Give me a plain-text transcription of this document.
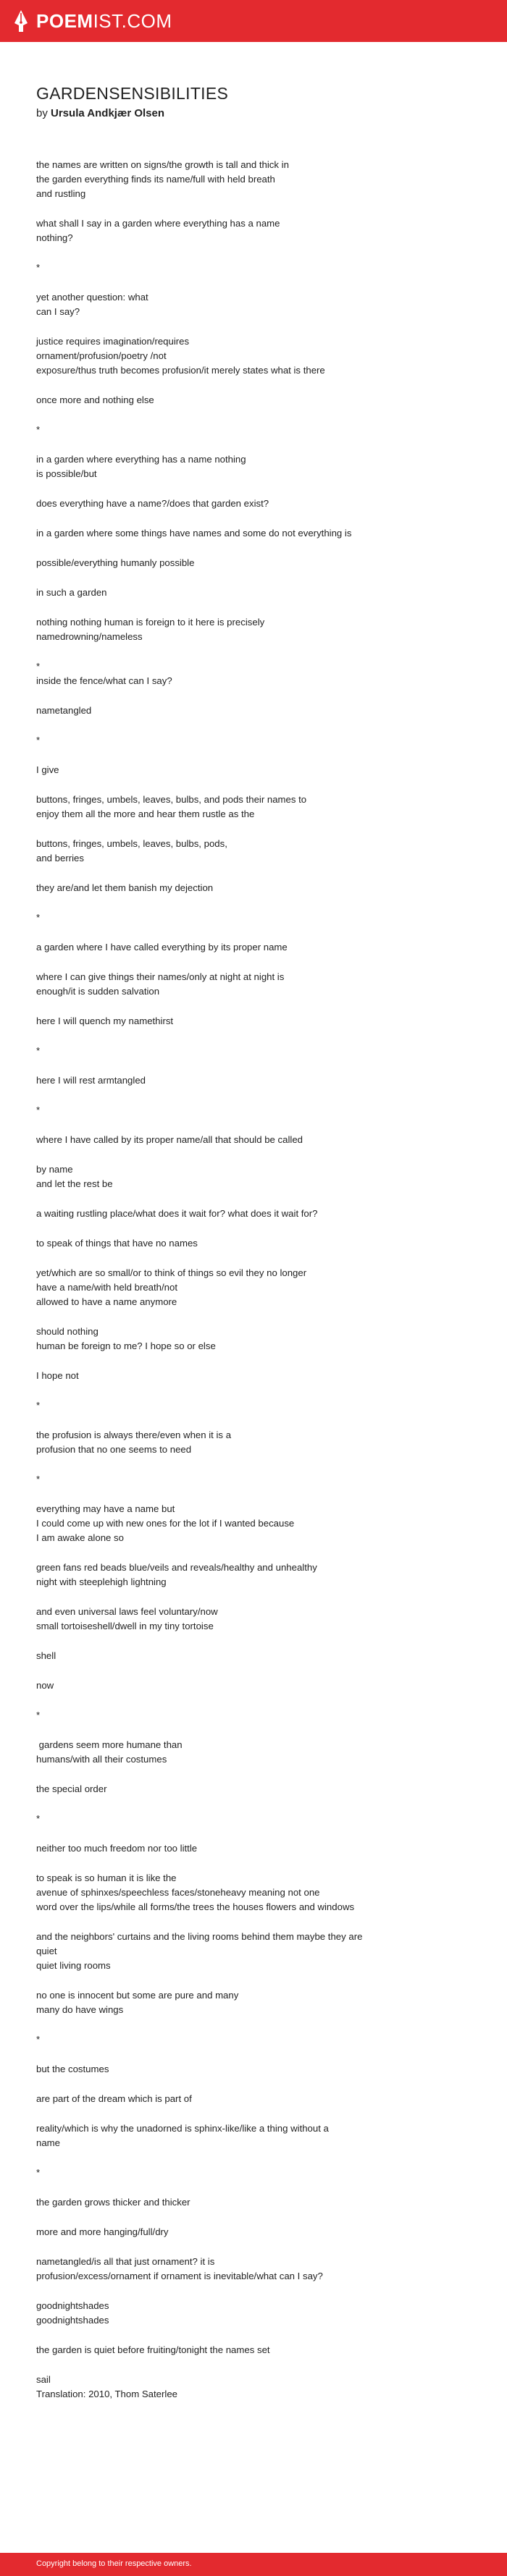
POEMIST.COM
GARDENSENSIBILITIES
by Ursula Andkjær Olsen

the names are written on signs/the growth is tall and thick in
the garden everything finds its name/full with held breath
and rustling

what shall I say in a garden where everything has a name
nothing?

*

yet another question: what
can I say?

justice requires imagination/requires
ornament/profusion/poetry /not
exposure/thus truth becomes profusion/it merely states what is there

once more and nothing else

*

in a garden where everything has a name nothing
is possible/but

does everything have a name?/does that garden exist?

in a garden where some things have names and some do not everything is

possible/everything humanly possible

in such a garden

nothing nothing human is foreign to it here is precisely
namedrowning/nameless

*
inside the fence/what can I say?

nametangled

*

I give

buttons, fringes, umbels, leaves, bulbs, and pods their names to
enjoy them all the more and hear them rustle as the

buttons, fringes, umbels, leaves, bulbs, pods,
and berries

they are/and let them banish my dejection

*

a garden where I have called everything by its proper name

where I can give things their names/only at night at night is
enough/it is sudden salvation

here I will quench my namethirst

*

here I will rest armtangled

*

where I have called by its proper name/all that should be called

by name
and let the rest be

a waiting rustling place/what does it wait for? what does it wait for?

to speak of things that have no names

yet/which are so small/or to think of things so evil they no longer
have a name/with held breath/not
allowed to have a name anymore

should nothing
human be foreign to me? I hope so or else

I hope not

*

the profusion is always there/even when it is a
profusion that no one seems to need

*

everything may have a name but
I could come up with new ones for the lot if I wanted because
I am awake alone so

green fans red beads blue/veils and reveals/healthy and unhealthy
night with steeplehigh lightning

and even universal laws feel voluntary/now
small tortoiseshell/dwell in my tiny tortoise

shell

now

*

gardens seem more humane than
humans/with all their costumes

the special order

*

neither too much freedom nor too little

to speak is so human it is like the
avenue of sphinxes/speechless faces/stoneheavy meaning not one
word over the lips/while all forms/the trees the houses flowers and windows

and the neighbors' curtains and the living rooms behind them maybe they are
quiet
quiet living rooms

no one is innocent but some are pure and many
many do have wings

*

but the costumes

are part of the dream which is part of

reality/which is why the unadorned is sphinx-like/like a thing without a
name

*

the garden grows thicker and thicker

more and more hanging/full/dry

nametangled/is all that just ornament? it is
profusion/excess/ornament if ornament is inevitable/what can I say?

goodnightshades
goodnightshades

the garden is quiet before fruiting/tonight the names set

sail
Translation: 2010, Thom Saterlee

Copyright belong to their respective owners.
